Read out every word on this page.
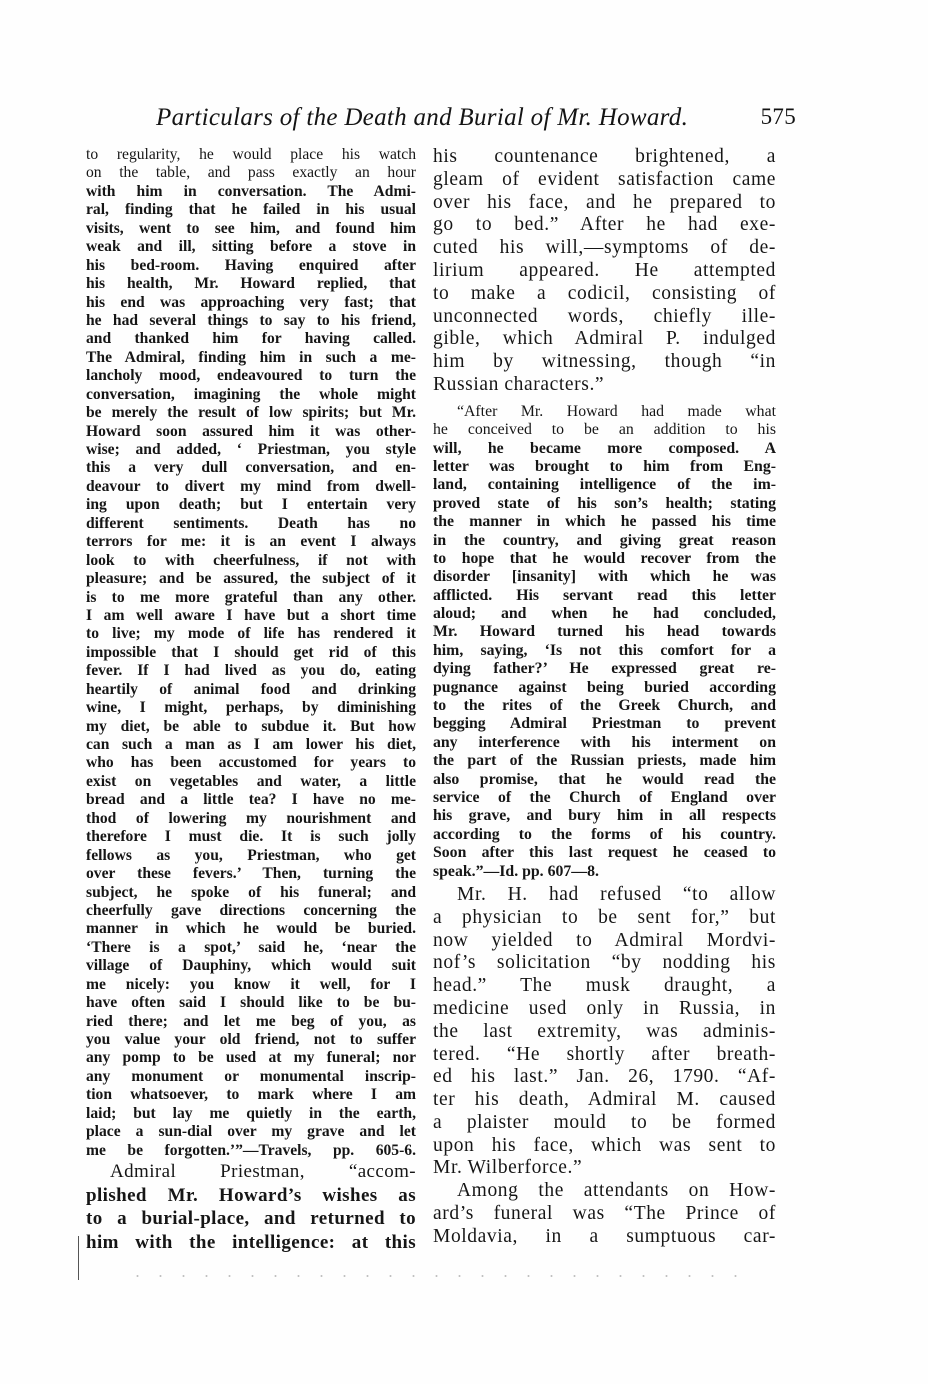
Particulars of the Death and Burial of Mr. Howard.	575
to regularity, he would place his watch
on the table, and pass exactly an hour
with him in conversation. The Admi-
ral, finding that he failed in his usual
visits, went to see him, and found him
weak and ill, sitting before a stove in
his bed-room. Having enquired after
his health, Mr. Howard replied, that
his end was approaching very fast; that
he had several things to say to his friend,
and thanked him for having called.
The Admiral, finding him in such a me-
lancholy mood, endeavoured to turn the
conversation, imagining the whole might
be merely the result of low spirits; but Mr.
Howard soon assured him it was other-
wise; and added, ‘ Priestman, you style
this a very dull conversation, and en-
deavour to divert my mind from dwell-
ing upon death; but I entertain very
different sentiments. Death has no
terrors for me: it is an event I always
look to with cheerfulness, if not with
pleasure; and be assured, the subject of it
is to me more grateful than any other.
I am well aware I have but a short time
to live; my mode of life has rendered it
impossible that I should get rid of this
fever. If I had lived as you do, eating
heartily of animal food and drinking
wine, I might, perhaps, by diminishing
my diet, be able to subdue it. But how
can such a man as I am lower his diet,
who has been accustomed for years to
exist on vegetables and water, a little
bread and a little tea? I have no me-
thod of lowering my nourishment and
therefore I must die. It is such jolly
fellows as you, Priestman, who get
over these fevers.’ Then, turning the
subject, he spoke of his funeral; and
cheerfully gave directions concerning the
manner in which he would be buried.
‘There is a spot,’ said he, ‘near the
village of Dauphiny, which would suit
me nicely: you know it well, for I
have often said I should like to be bu-
ried there; and let me beg of you, as
you value your old friend, not to suffer
any pomp to be used at my funeral; nor
any monument or monumental inscrip-
tion whatsoever, to mark where I am
laid; but lay me quietly in the earth,
place a sun-dial over my grave and let
me be forgotten.’”—Travels, pp. 605-6.
Admiral Priestman, “accom-
plished Mr. Howard’s wishes as
to a burial-place, and returned to
him with the intelligence: at this
his countenance brightened, a
gleam of evident satisfaction came
over his face, and he prepared to
go to bed.” After he had exe-
cuted his will,—symptoms of de-
lirium appeared. He attempted
to make a codicil, consisting of
unconnected words, chiefly ille-
gible, which Admiral P. indulged
him by witnessing, though “in
Russian characters.”
“After Mr. Howard had made what
he conceived to be an addition to his
will, he became more composed. A
letter was brought to him from Eng-
land, containing intelligence of the im-
proved state of his son’s health; stating
the manner in which he passed his time
in the country, and giving great reason
to hope that he would recover from the
disorder [insanity] with which he was
afflicted. His servant read this letter
aloud; and when he had concluded,
Mr. Howard turned his head towards
him, saying, ‘Is not this comfort for a
dying father?’ He expressed great re-
pugnance against being buried according
to the rites of the Greek Church, and
begging Admiral Priestman to prevent
any interference with his interment on
the part of the Russian priests, made him
also promise, that he would read the
service of the Church of England over
his grave, and bury him in all respects
according to the forms of his country.
Soon after this last request he ceased to
speak.”—Id. pp. 607—8.
Mr. H. had refused “to allow
a physician to be sent for,” but
now yielded to Admiral Mordvi-
nof’s solicitation “by nodding his
head.” The musk draught, a
medicine used only in Russia, in
the last extremity, was adminis-
tered. “He shortly after breath-
ed his last.” Jan. 26, 1790. “Af-
ter his death, Admiral M. caused
a plaister mould to be formed
upon his face, which was sent to
Mr. Wilberforce.”
Among the attendants on How-
ard’s funeral was “The Prince of
Moldavia, in a sumptuous car-
